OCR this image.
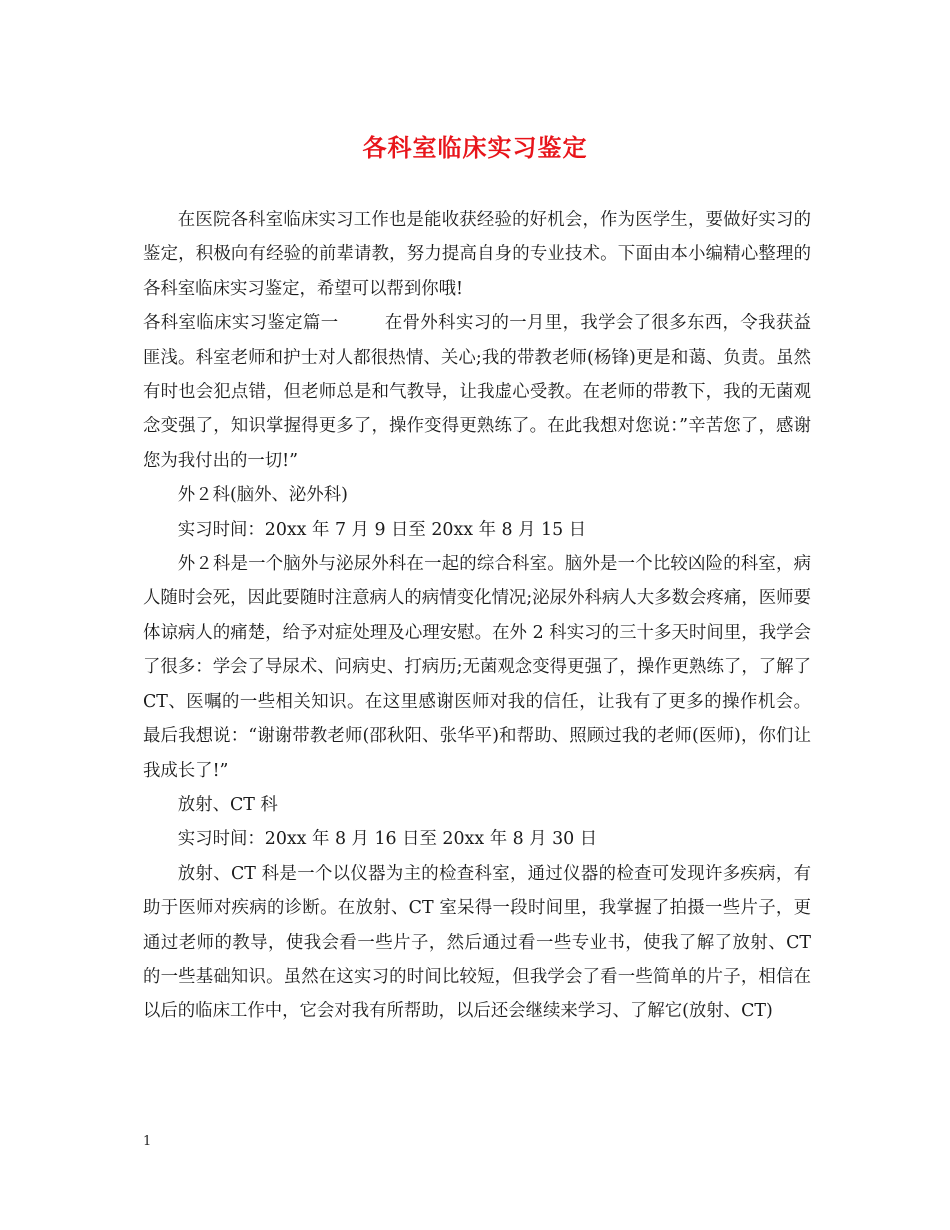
各科室临床实习鉴定

在医院各科室临床实习工作也是能收获经验的好机会，作为医学生，要做好实习的鉴定，积极向有经验的前辈请教，努力提高自身的专业技术。下面由本小编精心整理的各科室临床实习鉴定，希望可以帮到你哦!

各科室临床实习鉴定篇一	在骨外科实习的一月里，我学会了很多东西，令我获益匪浅。科室老师和护士对人都很热情、关心;我的带教老师(杨锋)更是和蔼、负责。虽然有时也会犯点错，但老师总是和气教导，让我虚心受教。在老师的带教下，我的无菌观念变强了，知识掌握得更多了，操作变得更熟练了。在此我想对您说：”辛苦您了，感谢您为我付出的一切!”

外２科(脑外、泌外科)

实习时间：20xx 年 7 月 9 日至 20xx 年 8 月 15 日

外２科是一个脑外与泌尿外科在一起的综合科室。脑外是一个比较凶险的科室，病人随时会死，因此要随时注意病人的病情变化情况;泌尿外科病人大多数会疼痛，医师要体谅病人的痛楚，给予对症处理及心理安慰。在外 2 科实习的三十多天时间里，我学会了很多：学会了导尿术、问病史、打病历;无菌观念变得更强了，操作更熟练了，了解了 CT、医嘱的一些相关知识。在这里感谢医师对我的信任，让我有了更多的操作机会。最后我想说：“谢谢带教老师(邵秋阳、张华平)和帮助、照顾过我的老师(医师)，你们让我成长了!”

放射、CT 科

实习时间：20xx 年 8 月 16 日至 20xx 年 8 月 30 日

放射、CT 科是一个以仪器为主的检查科室，通过仪器的检查可发现许多疾病，有助于医师对疾病的诊断。在放射、CT 室呆得一段时间里，我掌握了拍摄一些片子，更通过老师的教导，使我会看一些片子，然后通过看一些专业书，使我了解了放射、CT 的一些基础知识。虽然在这实习的时间比较短，但我学会了看一些简单的片子，相信在以后的临床工作中，它会对我有所帮助，以后还会继续来学习、了解它(放射、CT)

1
